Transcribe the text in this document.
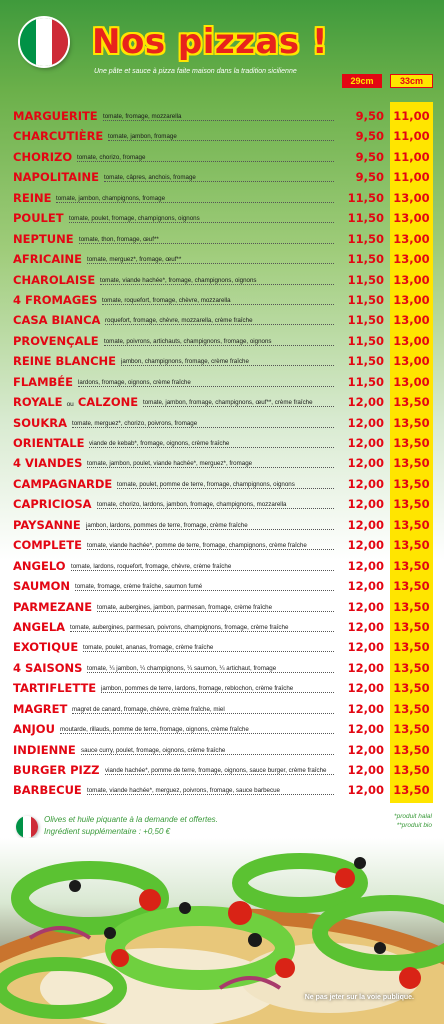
Nos pizzas !
Une pâte et sauce à pizza faite maison dans la tradition sicilienne
29cm	33cm
MARGUERITE tomate, fromage, mozzarella	9,50 11,00
CHARCUTIÈRE tomate, jambon, fromage	9,50 11,00
CHORIZO tomate, chorizo, fromage	9,50 11,00
NAPOLITAINE tomate, câpres, anchois, fromage	9,50 11,00
REINE tomate, jambon, champignons, fromage	11,50 13,00
POULET tomate, poulet, fromage, champignons, oignons	11,50 13,00
NEPTUNE tomate, thon, fromage, œuf**	11,50 13,00
AFRICAINE tomate, merguez*, fromage, œuf**	11,50 13,00
CHAROLAISE tomate, viande hachée*, fromage, champignons, oignons	11,50 13,00
4 FROMAGES tomate, roquefort, fromage, chèvre, mozzarella	11,50 13,00
CASA BIANCA roquefort, fromage, chèvre, mozzarella, crème fraîche	11,50 13,00
PROVENÇALE tomate, poivrons, artichauts, champignons, fromage, oignons	11,50 13,00
REINE BLANCHE jambon, champignons, fromage, crème fraîche	11,50 13,00
FLAMBÉE lardons, fromage, oignons, crème fraîche	11,50 13,00
ROYALE ou CALZONE tomate, jambon, fromage, champignons, œuf**, crème fraîche	12,00 13,50
SOUKRA tomate, merguez*, chorizo, poivrons, fromage	12,00 13,50
ORIENTALE viande de kebab*, fromage, oignons, crème fraîche	12,00 13,50
4 VIANDES tomate, jambon, poulet, viande hachée*, merguez*, fromage	12,00 13,50
CAMPAGNARDE tomate, poulet, pomme de terre, fromage, champignons, oignons	12,00 13,50
CAPRICIOSA tomate, chorizo, lardons, jambon, fromage, champignons, mozzarella	12,00 13,50
PAYSANNE jambon, lardons, pommes de terre, fromage, crème fraîche	12,00 13,50
COMPLETE tomate, viande hachée*, pomme de terre, fromage, champignons, crème fraîche	12,00 13,50
ANGELO tomate, lardons, roquefort, fromage, chèvre, crème fraîche	12,00 13,50
SAUMON tomate, fromage, crème fraîche, saumon fumé	12,00 13,50
PARMEZANE tomate, aubergines, jambon, parmesan, fromage, crème fraîche	12,00 13,50
ANGELA tomate, aubergines, parmesan, poivrons, champignons, fromage, crème fraîche	12,00 13,50
EXOTIQUE tomate, poulet, ananas, fromage, crème fraîche	12,00 13,50
4 SAISONS tomate, ¼ jambon, ¼ champignons, ¼ saumon, ¼ artichaut, fromage	12,00 13,50
TARTIFLETTE jambon, pommes de terre, lardons, fromage, reblochon, crème fraîche	12,00 13,50
MAGRET magret de canard, fromage, chèvre, crème fraîche, miel	12,00 13,50
ANJOU moutarde, rillauds, pomme de terre, fromage, oignons, crème fraîche	12,00 13,50
INDIENNE sauce curry, poulet, fromage, oignons, crème fraîche	12,00 13,50
BURGER PIZZ viande hachée*, pomme de terre, fromage, oignons, sauce burger, crème fraîche	12,00 13,50
BARBECUE tomate, viande hachée*, merguez, poivrons, fromage, sauce barbecue	12,00 13,50
Olives et huile piquante à la demande et offertes.
Ingrédient supplémentaire : +0,50 €
*produit halal
**produit bio
Ne pas jeter sur la voie publique.
